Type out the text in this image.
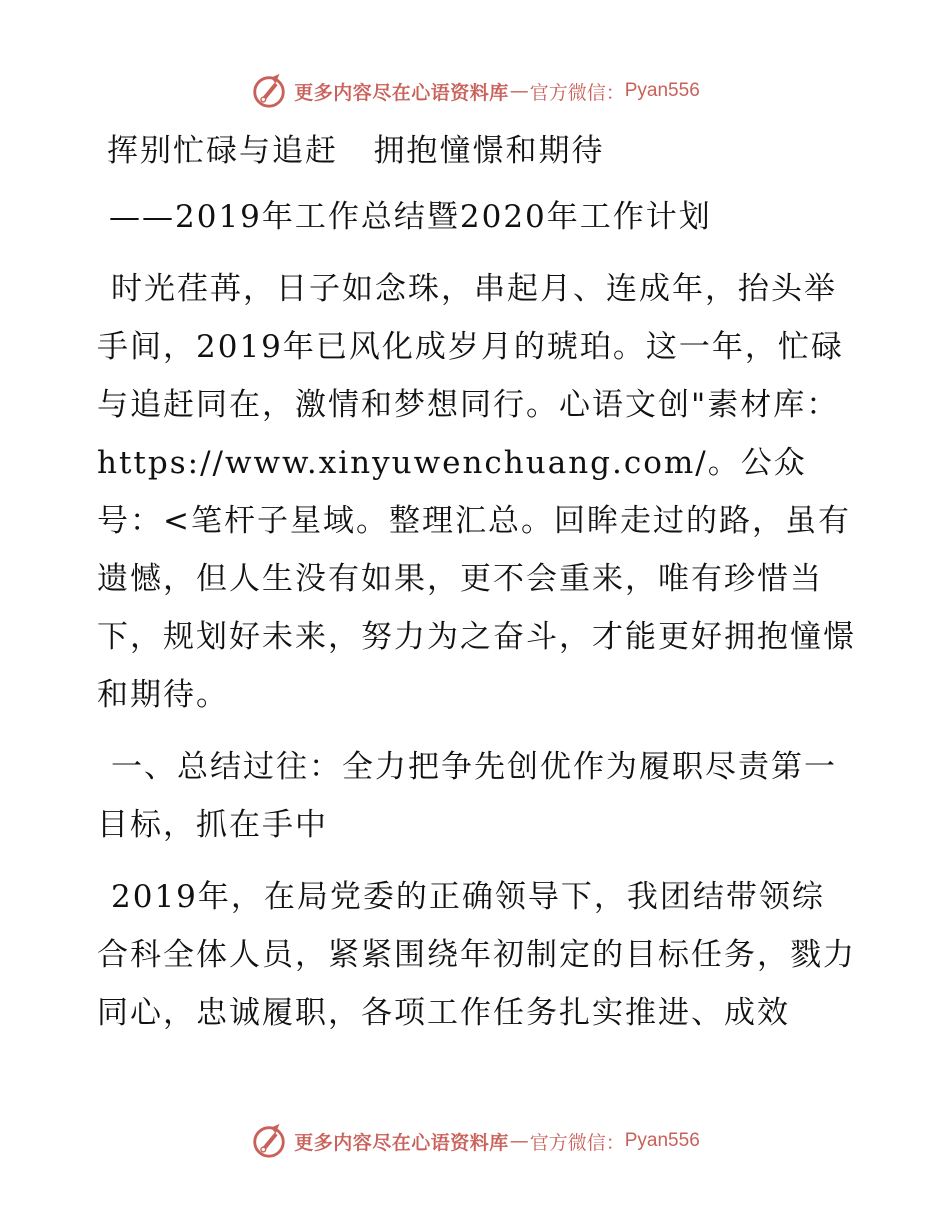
更多内容尽在心语资料库 — 官方微信： Pyan556
挥别忙碌与追赶   拥抱憧憬和期待
——2019年工作总结暨2020年工作计划

时光荏苒，日子如念珠，串起月、连成年，抬头举手间，2019年已风化成岁月的琥珀。这一年，忙碌与追赶同在，激情和梦想同行。心语文创"素材库：https://www.xinyuwenchuang.com/。公众号：<笔杆子星域。整理汇总。回眸走过的路，虽有遗憾，但人生没有如果，更不会重来，唯有珍惜当下，规划好未来，努力为之奋斗，才能更好拥抱憧憬和期待。

一、总结过往：全力把争先创优作为履职尽责第一目标，抓在手中

2019年，在局党委的正确领导下，我团结带领综合科全体人员，紧紧围绕年初制定的目标任务，戮力同心，忠诚履职，各项工作任务扎实推进、成效

更多内容尽在心语资料库 — 官方微信： Pyan556
